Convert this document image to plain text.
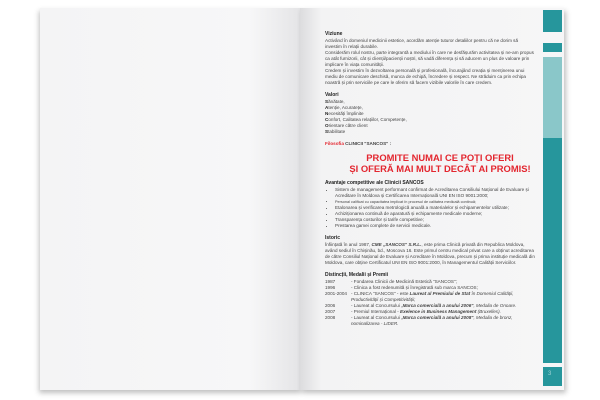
3
Viziune

Activând în domeniul medicinii estetice, acordăm atenție tuturor detaliilor pentru că ne dorim să investim în relații durabile.

Considerăm rolul nostru, parte integrantă a mediului în care ne desfășurăm activitatea și ne-am propus ca atât furnizorii, cât și clienții/pacienții noștri, să vadă diferența și să aducem un plus de valoare prin implicare în viața comunității.

Credem și investim în dezvoltarea personală și profesională, încurajând creația și menținerea unui mediu de comunicare deschisă, munca de echipă, încredere și respect. Ne străduim ca prin echipa noastră și prin serviciile pe care le oferim să facem vizibile valorile în care credem.

Valori

Sănătate,

Atenție, Acuratețe,

Necesități împlinite

Confort, Calitatea relațiilor, Competențe,

Orientare către client

Stabilitate

Filosofia CLINICII "SANCOS" :

PROMITE NUMAI CE POȚI OFERI
ȘI OFERĂ MAI MULT DECÂT AI PROMIS!
Avantaje competitive ale Clinicii SANCOS
• Sistem de management performant confirmat de Acreditarea Consiliului Național de Evaluare și Acreditare în Moldova și Certificarea Internațională UNI EN ISO 9001:2000;
• Personal calificat cu capacitatea implicat în procesul de calitatea medicală continuă;
• Etalonarea și verificarea metrologică anuală a materialelor și echipamentelor utilizate;
• Achiziționarea continuă de aparatură și echipamente medicale moderne;
• Transparența costurilor și tarife competitive;
• Prestarea gamei complete de servicii medicale.
Istoric

Înființată în anul 1987, CME „SANCOS" S.R.L., este prima Clinică privată din Republica Moldova, având sediul în Chișinău, bd., Moscova 16. Este primul centru medical privat care a obținut acreditarea de către Consiliul Național de Evaluare și Acreditare în Moldova, precum și prima instituție medicală din Moldova, care obține Certificatul UNI EN ISO 9001:2000, în Managementul Calității Serviciilor.

Distincții, Medalii și Premii
1987	- Fondarea Clinicii de Medicină Estetică "SANCOS";
1996	- Clinica a fost redenumită și înregistrată sub marca SANCOS;
2001-2004	- CLINICA "SANCOS" - este Laureat al Premiului de Stat în Domeniul Calității, Productivității și Competitivității;
2006	- Laureat al Concursului „Marca comercială a anului 2006", Medalia de Onoare.
2007	- Premiul Internațional - Exelence in Business Management (Bruxelles).
2008	- Laureat al Concursului „Marca comercială a anului 2008", Medalia de bronz, nominalizarea - LIDER.
